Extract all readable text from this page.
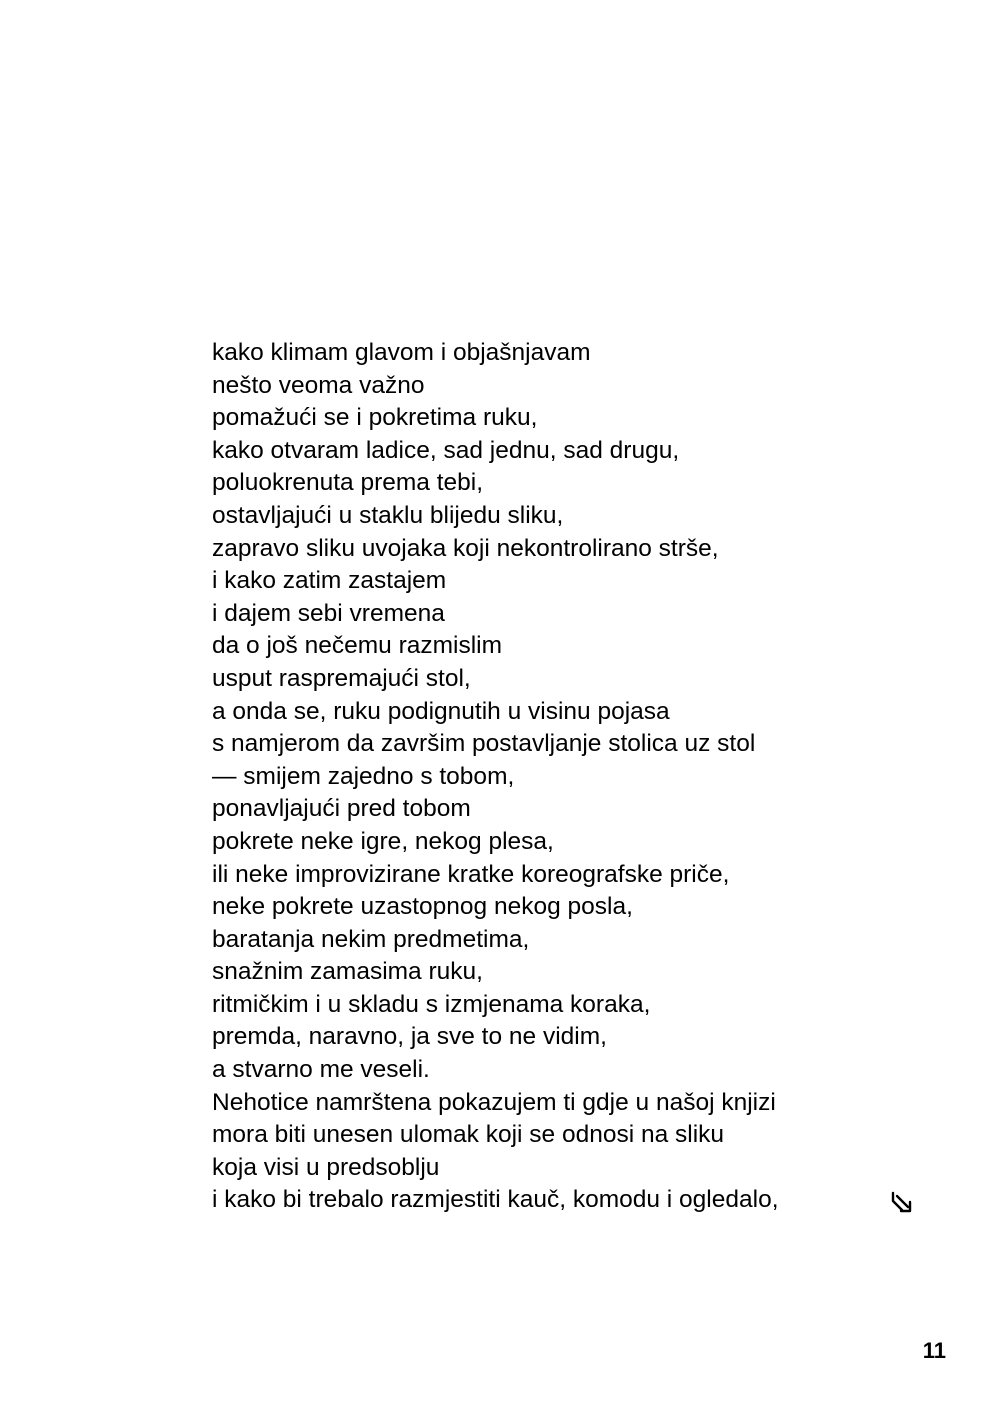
kako klimam glavom i objašnjavam
nešto veoma važno
pomažući se i pokretima ruku,
kako otvaram ladice, sad jednu, sad drugu,
poluokrenuta prema tebi,
ostavljajući u staklu blijedu sliku,
zapravo sliku uvojaka koji nekontrolirano strše,
i kako zatim zastajem
i dajem sebi vremena
da o još nečemu razmislim
usput raspremajući stol,
a onda se, ruku podignutih u visinu pojasa
s namjerom da završim postavljanje stolica uz stol
— smijem zajedno s tobom,
ponavljajući pred tobom
pokrete neke igre, nekog plesa,
ili neke improvizirane kratke koreografske priče,
neke pokrete uzastopnog nekog posla,
baratanja nekim predmetima,
snažnim zamasima ruku,
ritmičkim i u skladu s izmjenama koraka,
premda, naravno, ja sve to ne vidim,
a stvarno me veseli.
Nehotice namrštena pokazujem ti gdje u našoj knjizi
mora biti unesen ulomak koji se odnosi na sliku
koja visi u predsoblju
i kako bi trebalo razmjestiti kauč, komodu i ogledalo,

11
